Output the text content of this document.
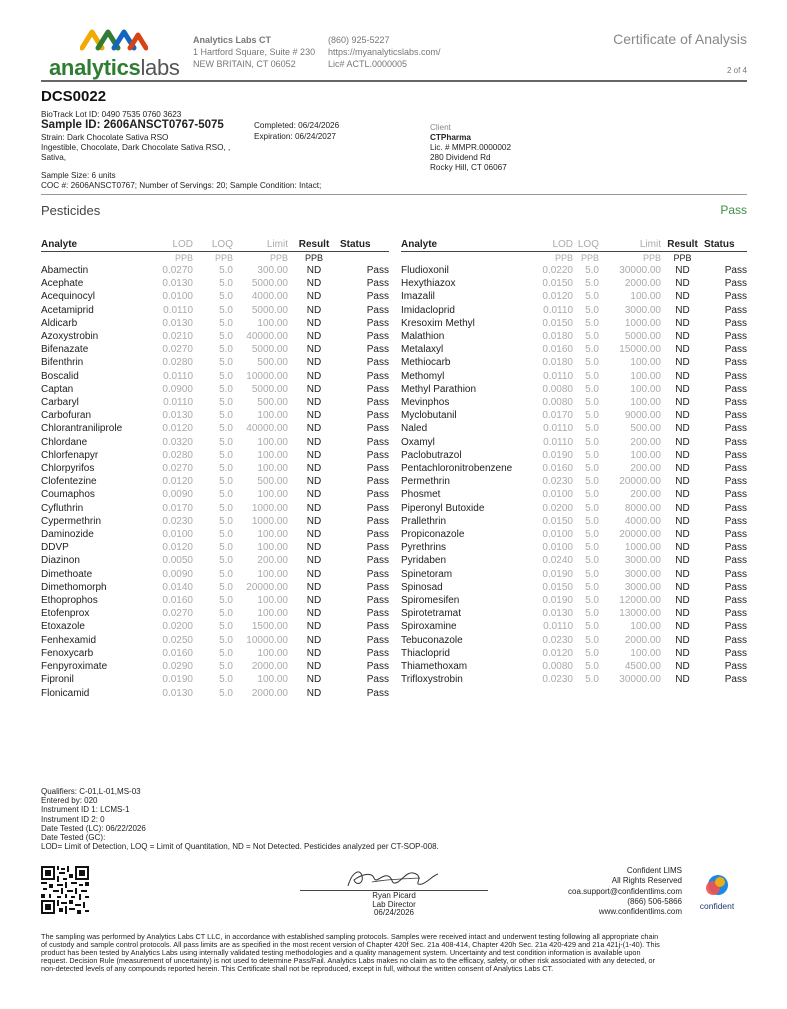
analyticslabs
Analytics Labs CT
1 Hartford Square, Suite # 230
NEW BRITAIN, CT 06052
(860) 925-5227
https://myanalyticslabs.com/
Lic# ACTL.0000005
Certificate of Analysis
2 of 4
DCS0022
BioTrack Lot ID: 0490 7535 0760 3623
Sample ID: 2606ANSCT0767-5075	Completed: 06/24/2026
Expiration: 06/24/2027
Strain: Dark Chocolate Sativa RSO
Ingestible, Chocolate, Dark Chocolate Sativa RSO, ,
Sativa,
Sample Size: 6 units
COC #: 2606ANSCT0767; Number of Servings: 20; Sample Condition: Intact;
Client
CTPharma
Lic. # MMPR.0000002
280 Dividend Rd
Rocky Hill, CT 06067
Pesticides	Pass
Analyte	LOD	LOQ	Limit	Result	Status
	PPB	PPB	PPB	PPB	
Abamectin	0.0270	5.0	300.00	ND	Pass
Acephate	0.0130	5.0	5000.00	ND	Pass
Acequinocyl	0.0100	5.0	4000.00	ND	Pass
Acetamiprid	0.0110	5.0	5000.00	ND	Pass
Aldicarb	0.0130	5.0	100.00	ND	Pass
Azoxystrobin	0.0210	5.0	40000.00	ND	Pass
Bifenazate	0.0270	5.0	5000.00	ND	Pass
Bifenthrin	0.0280	5.0	500.00	ND	Pass
Boscalid	0.0110	5.0	10000.00	ND	Pass
Captan	0.0900	5.0	5000.00	ND	Pass
Carbaryl	0.0110	5.0	500.00	ND	Pass
Carbofuran	0.0130	5.0	100.00	ND	Pass
Chlorantraniliprole	0.0120	5.0	40000.00	ND	Pass
Chlordane	0.0320	5.0	100.00	ND	Pass
Chlorfenapyr	0.0280	5.0	100.00	ND	Pass
Chlorpyrifos	0.0270	5.0	100.00	ND	Pass
Clofentezine	0.0120	5.0	500.00	ND	Pass
Coumaphos	0.0090	5.0	100.00	ND	Pass
Cyfluthrin	0.0170	5.0	1000.00	ND	Pass
Cypermethrin	0.0230	5.0	1000.00	ND	Pass
Daminozide	0.0100	5.0	100.00	ND	Pass
DDVP	0.0120	5.0	100.00	ND	Pass
Diazinon	0.0050	5.0	200.00	ND	Pass
Dimethoate	0.0090	5.0	100.00	ND	Pass
Dimethomorph	0.0140	5.0	20000.00	ND	Pass
Ethoprophos	0.0160	5.0	100.00	ND	Pass
Etofenprox	0.0270	5.0	100.00	ND	Pass
Etoxazole	0.0200	5.0	1500.00	ND	Pass
Fenhexamid	0.0250	5.0	10000.00	ND	Pass
Fenoxycarb	0.0160	5.0	100.00	ND	Pass
Fenpyroximate	0.0290	5.0	2000.00	ND	Pass
Fipronil	0.0190	5.0	100.00	ND	Pass
Flonicamid	0.0130	5.0	2000.00	ND	Pass
Analyte	LOD	LOQ	Limit	Result	Status
	PPB	PPB	PPB	PPB	
Fludioxonil	0.0220	5.0	30000.00	ND	Pass
Hexythiazox	0.0150	5.0	2000.00	ND	Pass
Imazalil	0.0120	5.0	100.00	ND	Pass
Imidacloprid	0.0110	5.0	3000.00	ND	Pass
Kresoxim Methyl	0.0150	5.0	1000.00	ND	Pass
Malathion	0.0180	5.0	5000.00	ND	Pass
Metalaxyl	0.0160	5.0	15000.00	ND	Pass
Methiocarb	0.0180	5.0	100.00	ND	Pass
Methomyl	0.0110	5.0	100.00	ND	Pass
Methyl Parathion	0.0080	5.0	100.00	ND	Pass
Mevinphos	0.0080	5.0	100.00	ND	Pass
Myclobutanil	0.0170	5.0	9000.00	ND	Pass
Naled	0.0110	5.0	500.00	ND	Pass
Oxamyl	0.0110	5.0	200.00	ND	Pass
Paclobutrazol	0.0190	5.0	100.00	ND	Pass
Pentachloronitrobenzene	0.0160	5.0	200.00	ND	Pass
Permethrin	0.0230	5.0	20000.00	ND	Pass
Phosmet	0.0100	5.0	200.00	ND	Pass
Piperonyl Butoxide	0.0200	5.0	8000.00	ND	Pass
Prallethrin	0.0150	5.0	4000.00	ND	Pass
Propiconazole	0.0100	5.0	20000.00	ND	Pass
Pyrethrins	0.0100	5.0	1000.00	ND	Pass
Pyridaben	0.0240	5.0	3000.00	ND	Pass
Spinetoram	0.0190	5.0	3000.00	ND	Pass
Spinosad	0.0150	5.0	3000.00	ND	Pass
Spiromesifen	0.0190	5.0	12000.00	ND	Pass
Spirotetramat	0.0130	5.0	13000.00	ND	Pass
Spiroxamine	0.0110	5.0	100.00	ND	Pass
Tebuconazole	0.0230	5.0	2000.00	ND	Pass
Thiacloprid	0.0120	5.0	100.00	ND	Pass
Thiamethoxam	0.0080	5.0	4500.00	ND	Pass
Trifloxystrobin	0.0230	5.0	30000.00	ND	Pass
Qualifiers: C-01,L-01,MS-03
Entered by: 020
Instrument ID 1: LCMS-1
Instrument ID 2: 0
Date Tested (LC): 06/22/2026
Date Tested (GC):
LOD= Limit of Detection, LOQ = Limit of Quantitation, ND = Not Detected. Pesticides analyzed per CT-SOP-008.
Ryan Picard
Lab Director
06/24/2026
Confident LIMS
All Rights Reserved
coa.support@confidentlims.com
(866) 506-5866
www.confidentlims.com
confident
The sampling was performed by Analytics Labs CT LLC, in accordance with established sampling protocols. Samples were received intact and underwent testing following all appropriate chain
of custody and sample control protocols. All pass limits are as specified in the most recent version of Chapter 420f Sec. 21a 408-414, Chapter 420h Sec. 21a 420-429 and 21a 421j-(1-40). This
product has been tested by Analytics Labs using internally validated testing methodologies and a quality management system. Uncertainty and test condition information is available upon
request. Decision Rule (measurement of uncertainty) is not used to determine Pass/Fail. Analytics Labs makes no claim as to the efficacy, safety, or other risk associated with any detected, or
non-detected levels of any compounds reported herein. This Certificate shall not be reproduced, except in full, without the written consent of Analytics Labs CT.
